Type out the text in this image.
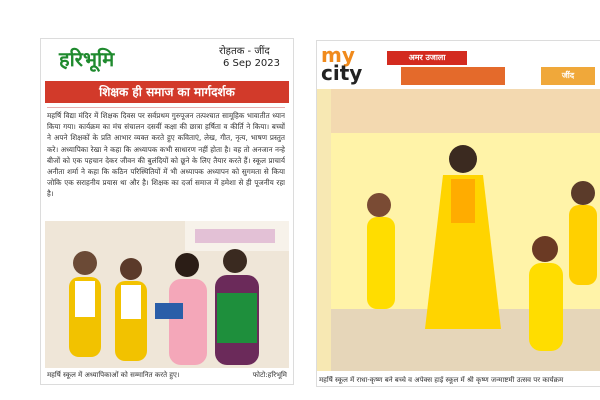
हरिभूमि	रोहतक - जींद
6 Sep 2023
शिक्षक ही समाज का मार्गदर्शक
महर्षि विद्या मंदिर में शिक्षक दिवस पर सर्वप्रथम गुरुपूजन तत्पश्चात सामूहिक भावातीत ध्यान किया गया। कार्यक्रम का मंच संचालन दसवीं कक्षा की छात्रा हर्षिता व कीर्ति ने किया। बच्चों ने अपने शिक्षकों के प्रति आभार व्यक्त करते हुए कविताएं, लेख, गीत, नृत्य, भाषण प्रस्तुत करे। अध्यापिका रेखा ने कहा कि अध्यापक कभी साधारण नहीं होता है। वह तो अनजान नन्हे बीजों को एक पहचान देकर जीवन की बुलंदियों को छूने के लिए तैयार करते हैं। स्कूल प्राचार्य अनीता शर्मा ने कहा कि कठिन परिस्थितियों में भी अध्यापक अध्यापन को सुगमता से किया जोकि एक सराहनीय प्रयास था और है। शिक्षक का दर्जा समाज में हमेशा से ही पूजनीय रहा है।
महर्षि स्कूल में अध्यापिकाओं को सम्मानित करते हुए।	फोटो:हरिभूमि
my
city
अमर उजाला
जींद
महर्षि स्कूल में राधा-कृष्ण बने बच्चे व अपेक्स हाई स्कूल में श्री कृष्ण जन्माष्टमी उत्सव पर कार्यक्रम
